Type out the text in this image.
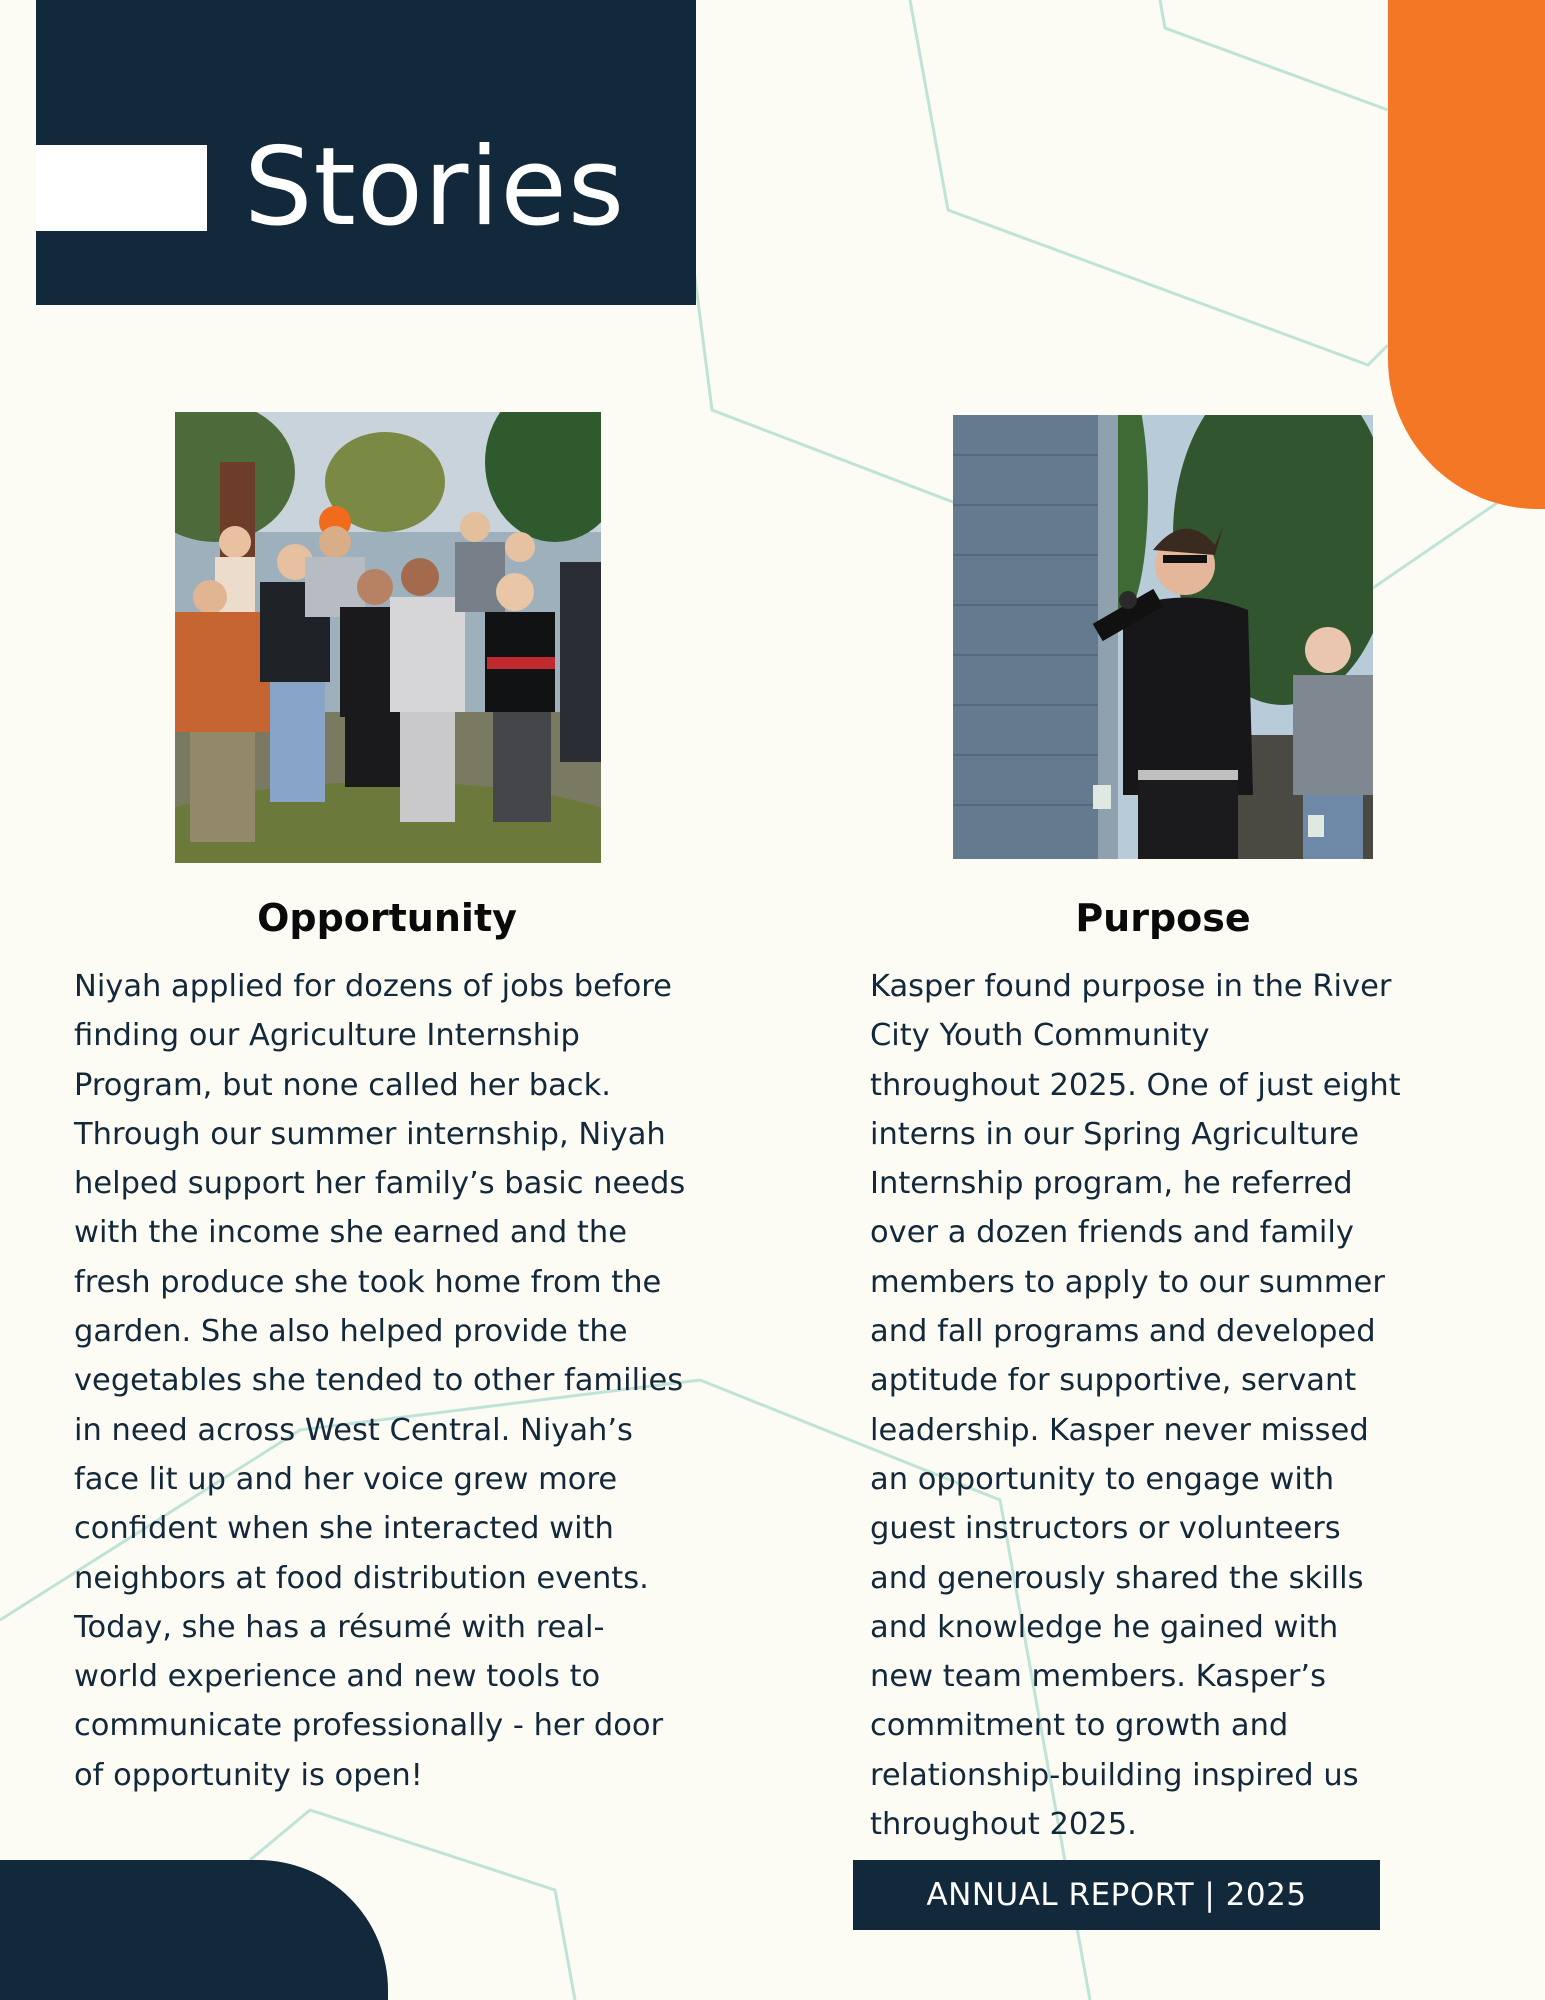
Stories
Opportunity	Purpose
Niyah applied for dozens of jobs before
finding our Agriculture Internship
Program, but none called her back.
Through our summer internship, Niyah
helped support her family’s basic needs
with the income she earned and the
fresh produce she took home from the
garden. She also helped provide the
vegetables she tended to other families
in need across West Central. Niyah’s
face lit up and her voice grew more
confident when she interacted with
neighbors at food distribution events.
Today, she has a résumé with real-
world experience and new tools to
communicate professionally - her door
of opportunity is open!
Kasper found purpose in the River
City Youth Community
throughout 2025. One of just eight
interns in our Spring Agriculture
Internship program, he referred
over a dozen friends and family
members to apply to our summer
and fall programs and developed
aptitude for supportive, servant
leadership. Kasper never missed
an opportunity to engage with
guest instructors or volunteers
and generously shared the skills
and knowledge he gained with
new team members. Kasper’s
commitment to growth and
relationship-building inspired us
throughout 2025.
ANNUAL REPORT | 2025
